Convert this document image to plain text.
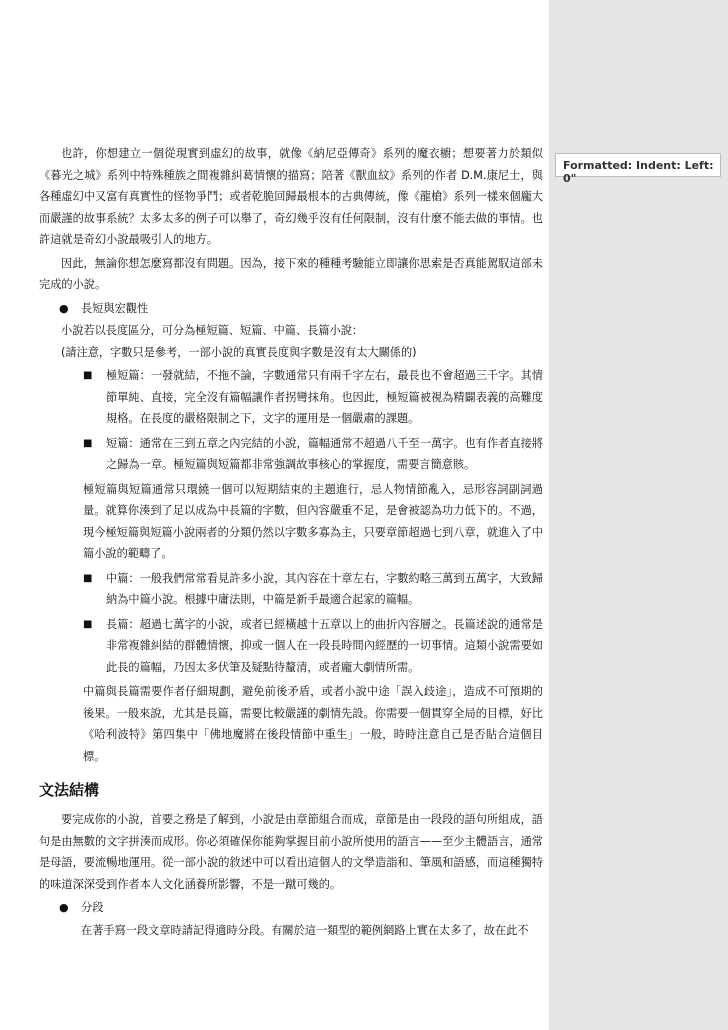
Formatted: Indent: Left: 0"

也許，你想建立一個從現實到虛幻的故事，就像《納尼亞傳奇》系列的魔衣櫥；想要著力於類似《暮光之城》系列中特殊種族之間複雜糾葛情懷的描寫；陪著《獸血紋》系列的作者 D.M.康尼士，與各種虛幻中又富有真實性的怪物爭鬥；或者乾脆回歸最根本的古典傳統，像《龍槍》系列一樣來個龐大而嚴謹的故事系統？太多太多的例子可以舉了，奇幻幾乎沒有任何限制，沒有什麼不能去做的事情。也許這就是奇幻小說最吸引人的地方。

因此，無論你想怎麼寫都沒有問題。因為，接下來的種種考驗能立即讓你思索是否真能駕馭這部未完成的小說。

● 長短與宏觀性

小說若以長度區分，可分為極短篇、短篇、中篇、長篇小說：
(請注意，字數只是參考，一部小說的真實長度與字數是沒有太大關係的)

■ 極短篇：一發就結，不拖不論，字數通常只有兩千字左右，最長也不會超過三千字。其情節單純、直接，完全沒有篇幅讓作者拐彎抹角。也因此，極短篇被視為精闢表義的高難度規格。在長度的嚴格限制之下，文字的運用是一個嚴肅的課題。
■ 短篇：通常在三到五章之內完結的小說，篇幅通常不超過八千至一萬字。也有作者直接將之歸為一章。極短篇與短篇都非常強調故事核心的掌握度，需要言簡意賅。

極短篇與短篇通常只環繞一個可以短期結束的主題進行，忌人物情節亂入，忌形容詞副詞過量。就算你湊到了足以成為中長篇的字數，但內容嚴重不足，是會被認為功力低下的。不過，現今極短篇與短篇小說兩者的分類仍然以字數多寡為主，只要章節超過七到八章，就進入了中篇小說的範疇了。

■ 中篇：一般我們常常看見許多小說，其內容在十章左右，字數約略三萬到五萬字，大致歸納為中篇小說。根據中庸法則，中篇是新手最適合起家的篇幅。
■ 長篇：超過七萬字的小說，或者已經橫越十五章以上的曲折內容層之。長篇述說的通常是非常複雜糾結的群體情懷，抑或一個人在一段長時間內經歷的一切事情。這類小說需要如此長的篇幅，乃因太多伏筆及疑點待釐清，或者龐大劇情所需。

中篇與長篇需要作者仔細規劃，避免前後矛盾，或者小說中途「誤入歧途」，造成不可預期的後果。一般來說，尤其是長篇，需要比較嚴謹的劇情先設。你需要一個貫穿全局的目標，好比《哈利波特》第四集中「佛地魔將在後段情節中重生」一般，時時注意自己是否貼合這個目標。

文法結構

要完成你的小說，首要之務是了解到，小說是由章節組合而成，章節是由一段段的語句所組成，語句是由無數的文字拼湊而成形。你必須確保你能夠掌握目前小說所使用的語言——至少主體語言，通常是母語，要流暢地運用。從一部小說的敘述中可以看出這個人的文學造詣和、筆風和語感，而這種獨特的味道深深受到作者本人文化涵養所影響，不是一蹴可幾的。

● 分段

在著手寫一段文章時請記得適時分段。有關於這一類型的範例網路上實在太多了，故在此不
